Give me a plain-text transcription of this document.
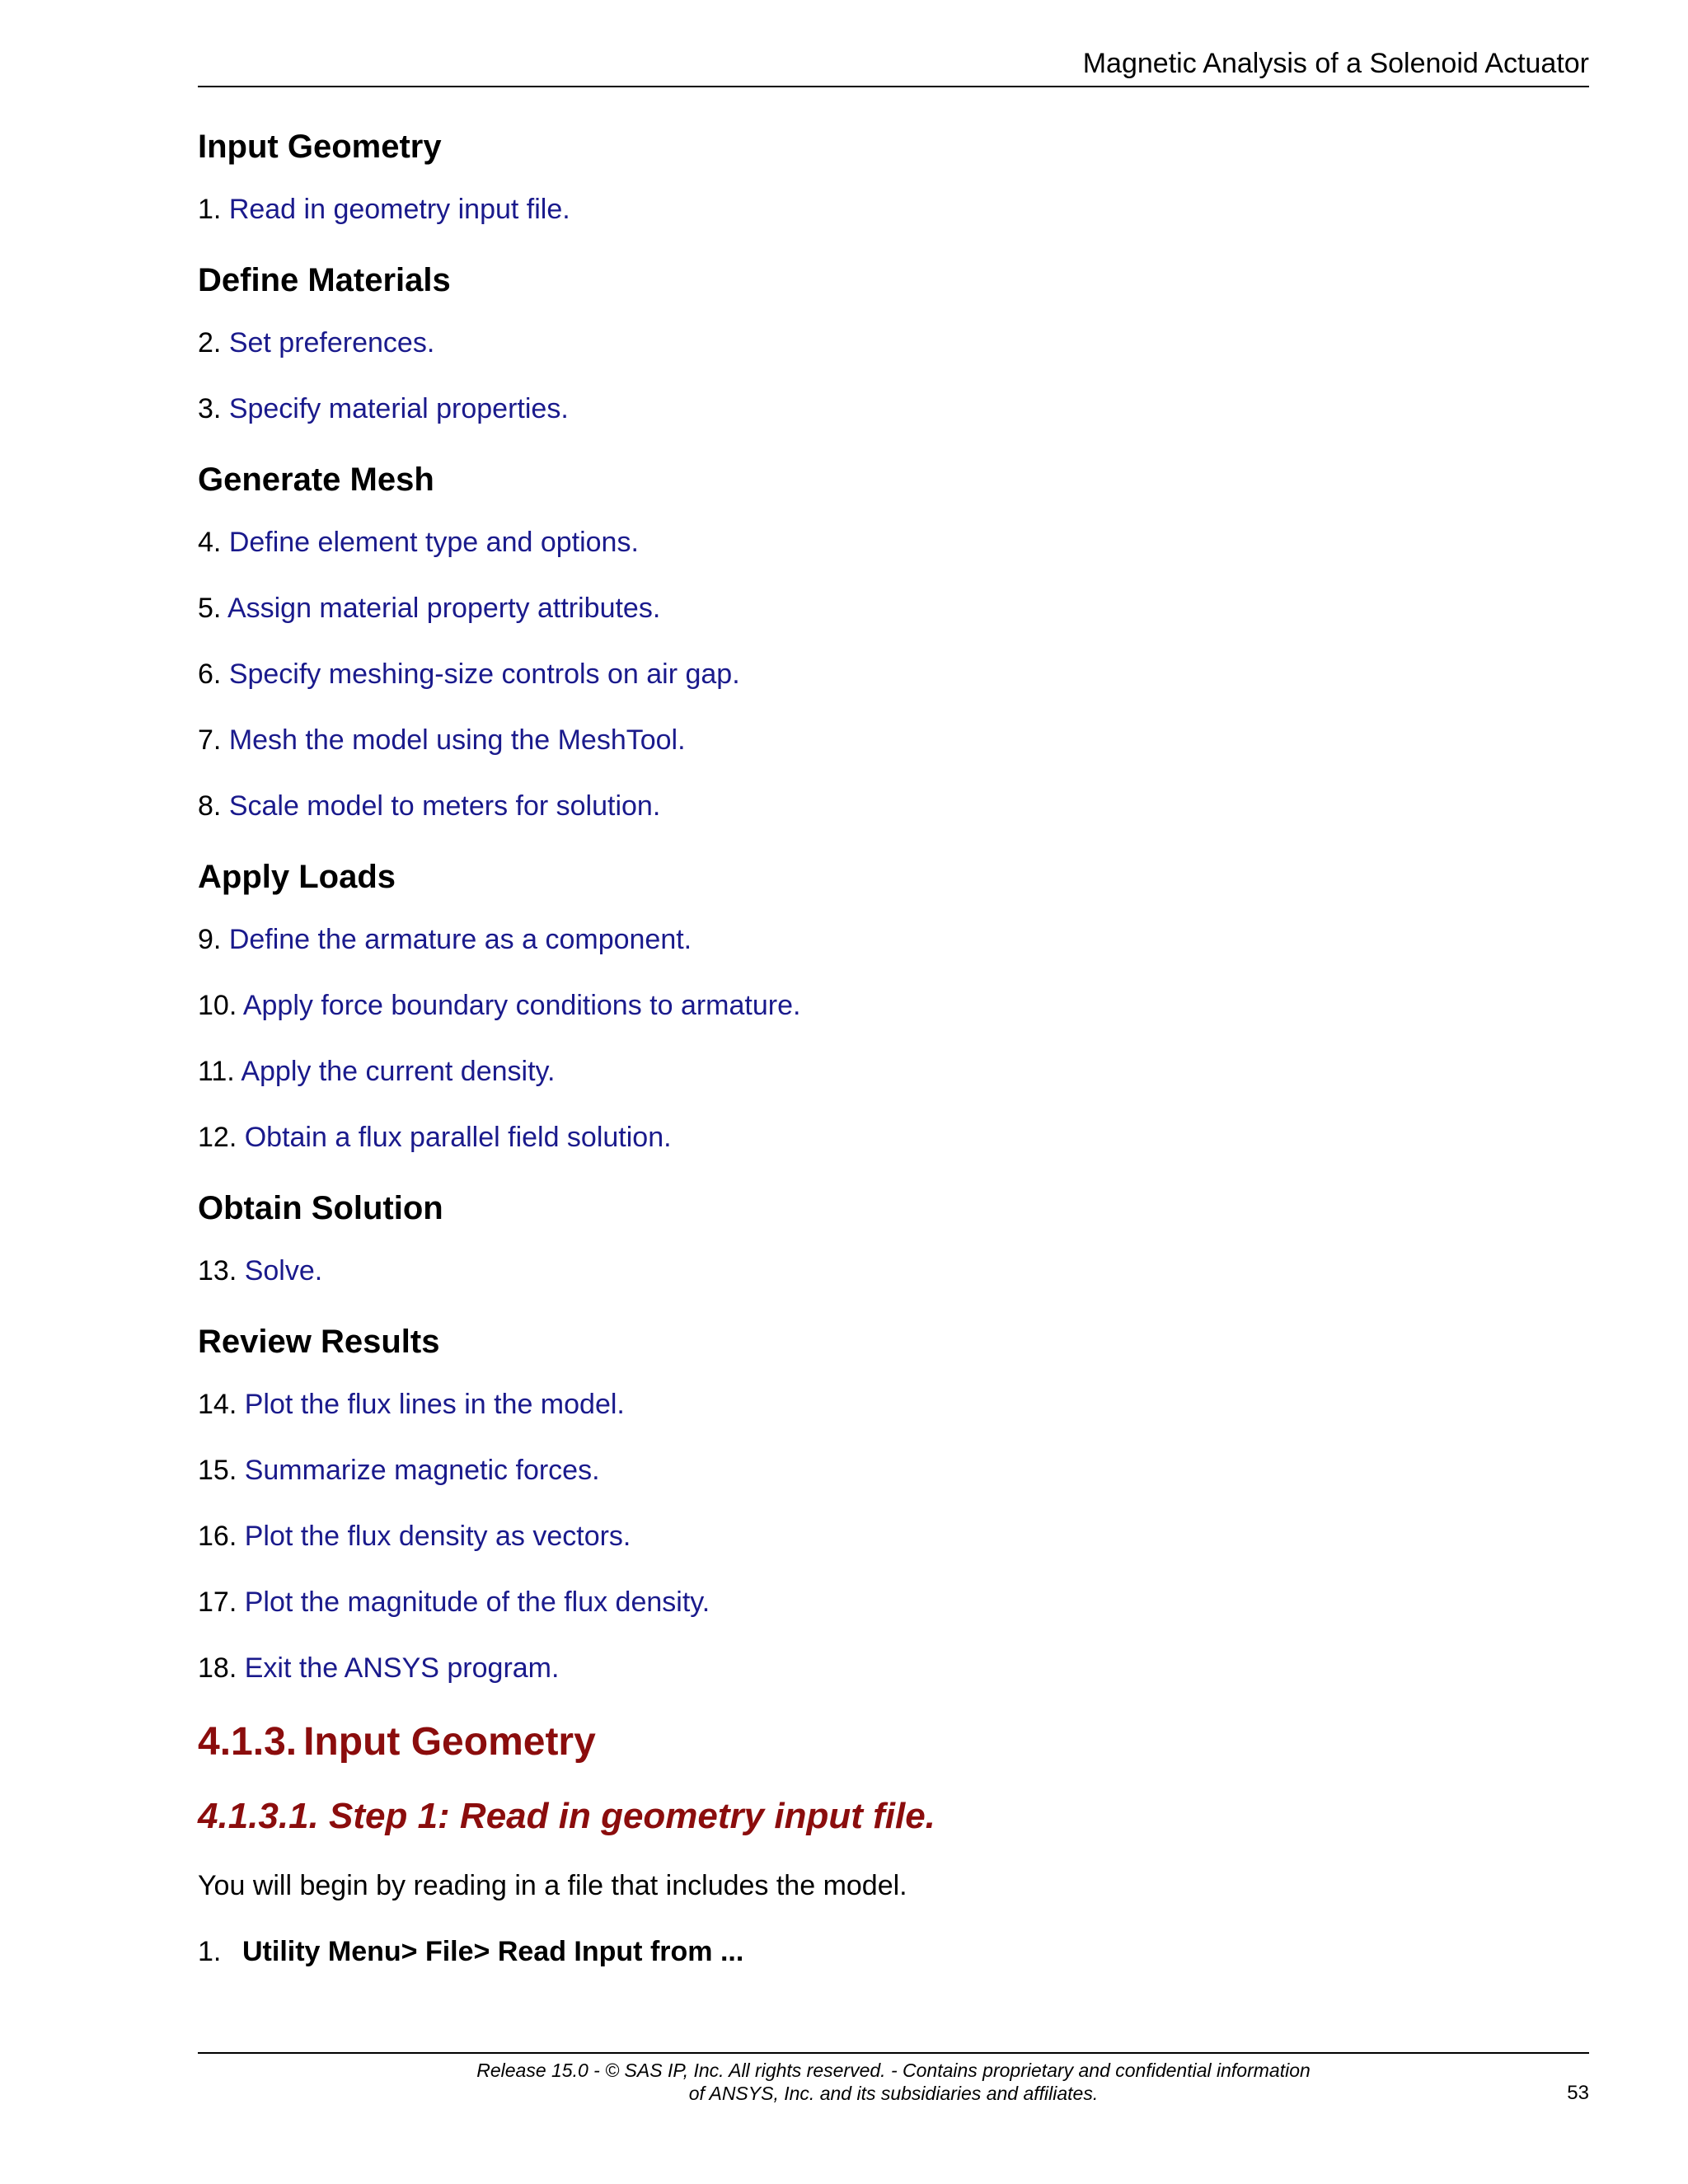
Magnetic Analysis of a Solenoid Actuator
Input Geometry
1. Read in geometry input file.
Define Materials
2. Set preferences.
3. Specify material properties.
Generate Mesh
4. Define element type and options.
5. Assign material property attributes.
6. Specify meshing-size controls on air gap.
7. Mesh the model using the MeshTool.
8. Scale model to meters for solution.
Apply Loads
9. Define the armature as a component.
10. Apply force boundary conditions to armature.
11. Apply the current density.
12. Obtain a flux parallel field solution.
Obtain Solution
13. Solve.
Review Results
14. Plot the flux lines in the model.
15. Summarize magnetic forces.
16. Plot the flux density as vectors.
17. Plot the magnitude of the flux density.
18. Exit the ANSYS program.
4.1.3. Input Geometry
4.1.3.1. Step 1: Read in geometry input file.

You will begin by reading in a file that includes the model.

1. Utility Menu> File> Read Input from ...
Release 15.0 - © SAS IP, Inc. All rights reserved. - Contains proprietary and confidential information
of ANSYS, Inc. and its subsidiaries and affiliates.	53
